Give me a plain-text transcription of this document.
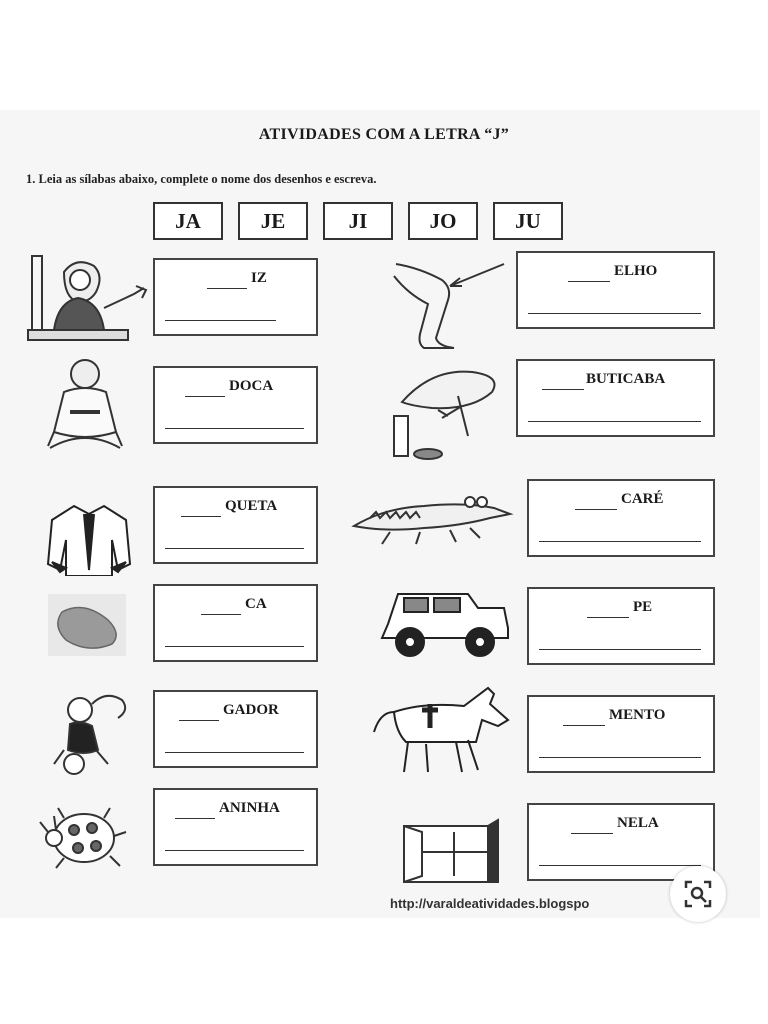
ATIVIDADES COM A LETRA “J”
1. Leia as sílabas abaixo, complete o nome dos desenhos e escreva.
JA	JE	JI	JO	JU
IZ
DOCA
QUETA
CA
GADOR
ANINHA
ELHO
BUTICABA
CARÉ
PE
MENTO
NELA
http://varaldeatividades.blogspo
